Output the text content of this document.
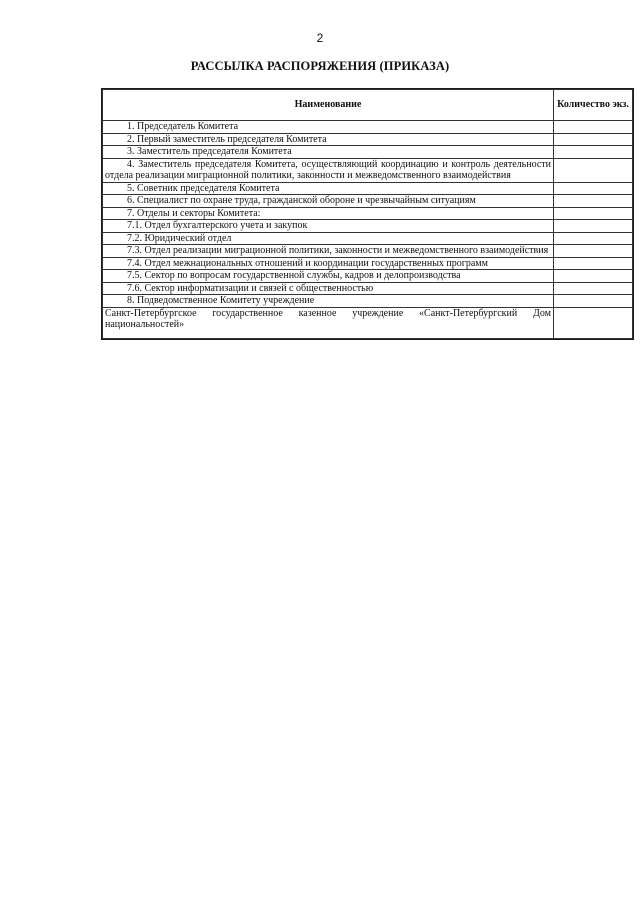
2
РАССЫЛКА РАСПОРЯЖЕНИЯ (ПРИКАЗА)
Наименование	Количество экз.
1. Председатель Комитета	
2. Первый заместитель председателя Комитета	
3. Заместитель председателя Комитета	
4. Заместитель председателя Комитета, осуществляющий координацию и контроль деятельности отдела реализации миграционной политики, законности и межведомственного взаимодействия	
5. Советник председателя Комитета	
6. Специалист по охране труда, гражданской обороне и чрезвычайным ситуациям	
7. Отделы и секторы Комитета:	
7.1. Отдел бухгалтерского учета и закупок	
7.2. Юридический отдел	
7.3. Отдел реализации миграционной политики, законности и межведомственного взаимодействия	
7.4. Отдел межнациональных отношений и координации государственных программ	
7.5. Сектор по вопросам государственной службы, кадров и делопроизводства	
7.6. Сектор информатизации и связей с общественностью	
8. Подведомственное Комитету учреждение	
Санкт-Петербургское государственное казенное учреждение «Санкт-Петербургский Дом национальностей»	
